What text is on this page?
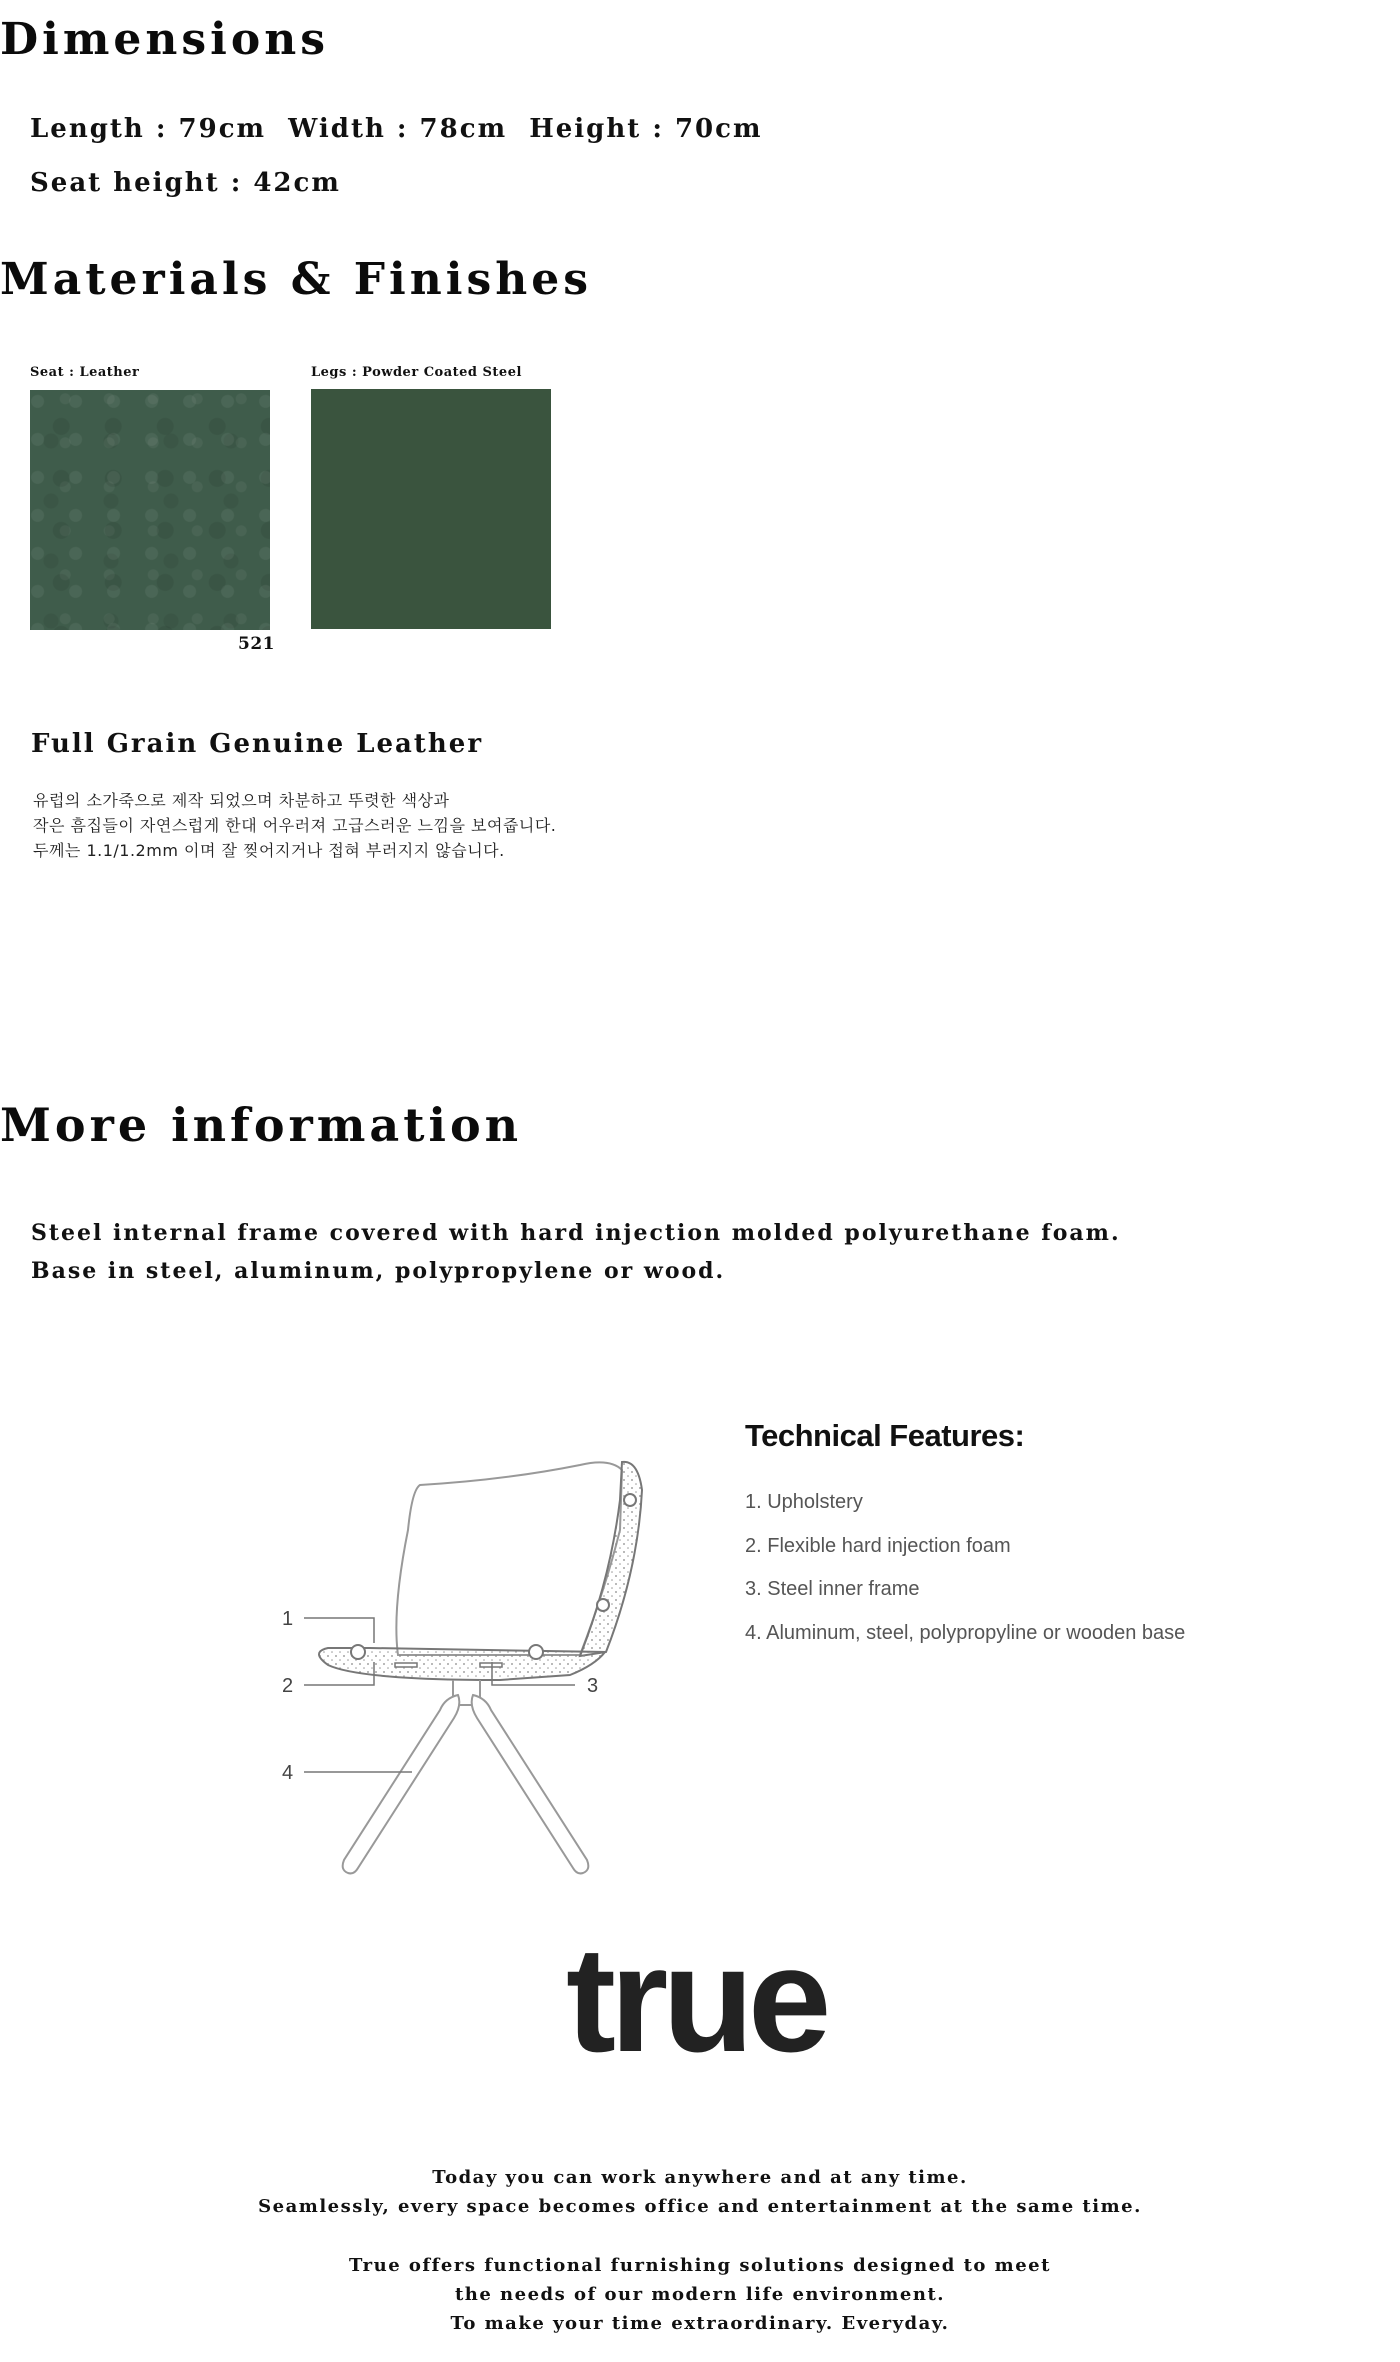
Dimensions
Length : 79cm  Width : 78cm  Height : 70cm
Seat height : 42cm
Materials & Finishes
Seat : Leather
521
Legs : Powder Coated Steel
Full Grain Genuine Leather
유럽의 소가죽으로 제작 되었으며 차분하고 뚜렷한 색상과
작은 흠집들이 자연스럽게 한대 어우러져 고급스러운 느낌을 보여줍니다.
두께는 1.1/1.2mm 이며 잘 찢어지거나 접혀 부러지지 않습니다.
More information
Steel internal frame covered with hard injection molded polyurethane foam.
Base in steel, aluminum, polypropylene or wood.
1
2	3
4
Technical Features:
1. Upholstery
2. Flexible hard injection foam
3. Steel inner frame
4. Aluminum, steel, polypropyline or wooden base
true
Today you can work anywhere and at any time.
Seamlessly, every space becomes office and entertainment at the same time.
True offers functional furnishing solutions designed to meet
the needs of our modern life environment.
To make your time extraordinary. Everyday.
